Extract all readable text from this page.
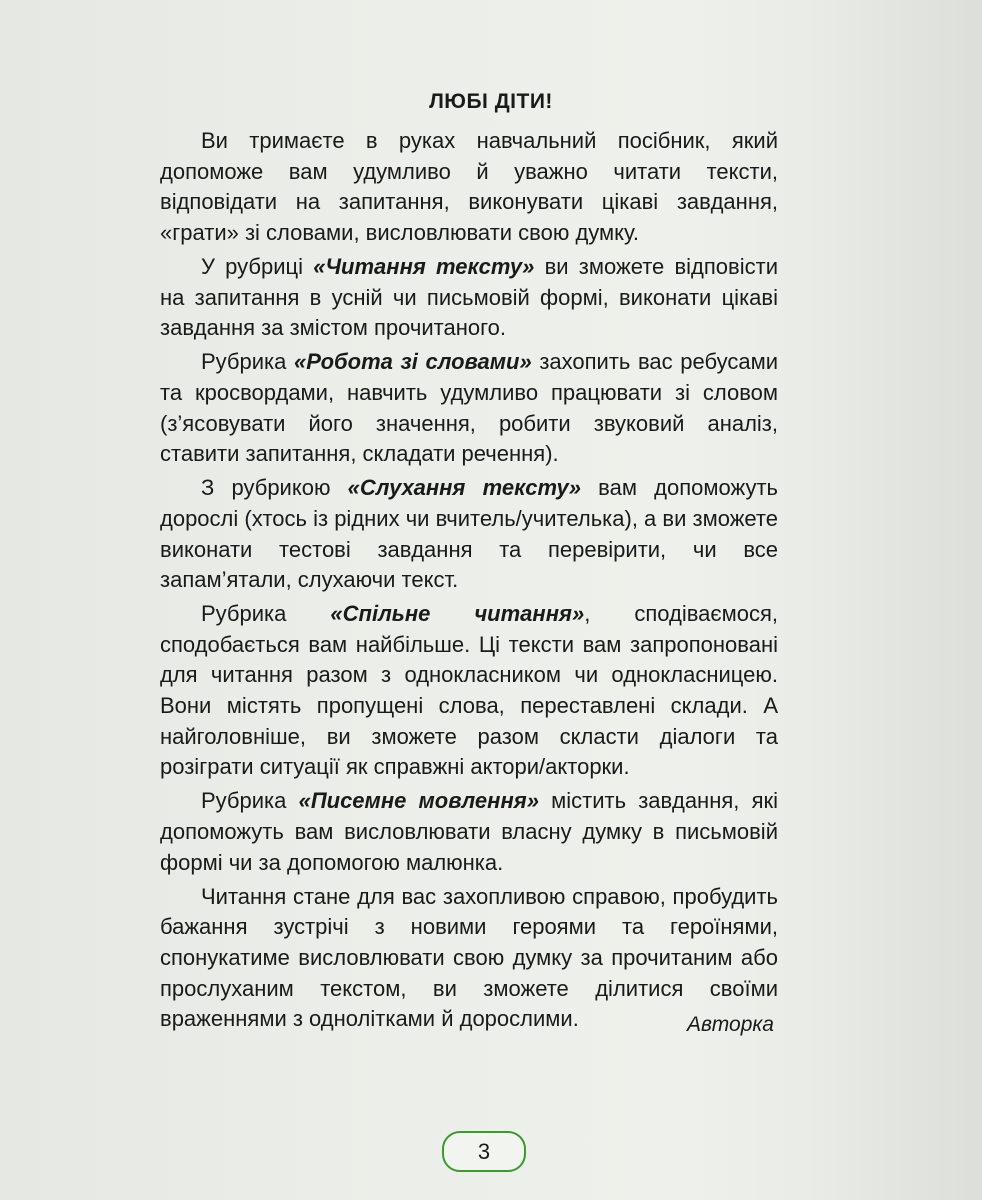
ЛЮБІ ДІТИ!

Ви тримаєте в руках навчальний посібник, який допоможе вам удумливо й уважно читати тексти, відповідати на запитання, виконувати цікаві завдання, «грати» зі словами, висловлювати свою думку.

У рубриці «Читання тексту» ви зможете відповісти на запитання в усній чи письмовій формі, виконати цікаві завдання за змістом прочитаного.

Рубрика «Робота зі словами» захопить вас ребусами та кросвордами, навчить удумливо працювати зі словом (з’ясовувати його значення, робити звуковий аналіз, ставити запитання, складати речення).

З рубрикою «Слухання тексту» вам допоможуть дорослі (хтось із рідних чи вчитель/учителька), а ви зможете виконати тестові завдання та перевірити, чи все запам’ятали, слухаючи текст.

Рубрика «Спільне читання», сподіваємося, сподобається вам найбільше. Ці тексти вам запропоновані для читання разом з однокласником чи однокласницею. Вони містять пропущені слова, переставлені склади. А найголовніше, ви зможете разом скласти діалоги та розіграти ситуації як справжні актори/акторки.

Рубрика «Писемне мовлення» містить завдання, які допоможуть вам висловлювати власну думку в письмовій формі чи за допомогою малюнка.

Читання стане для вас захопливою справою, пробудить бажання зустрічі з новими героями та героїнями, спонукатиме висловлювати свою думку за прочитаним або прослуханим текстом, ви зможете ділитися своїми враженнями з однолітками й дорослими.	Авторка
3
